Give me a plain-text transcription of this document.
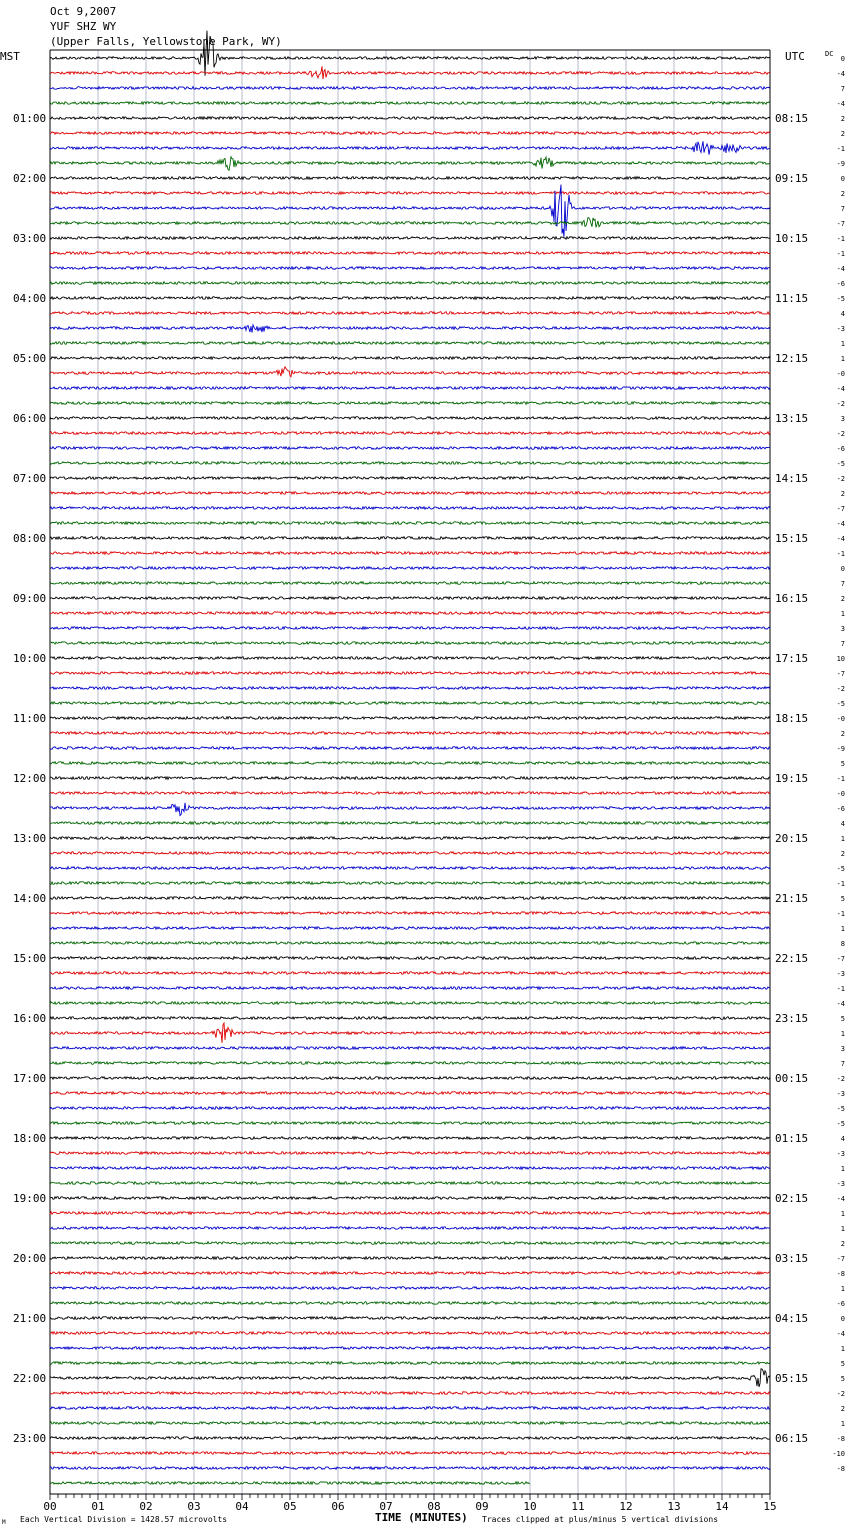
Oct 9,2007
YUF SHZ WY
(Upper Falls, Yellowstone Park, WY)
MST	UTC	DC
01:00
02:00
03:00
04:00
05:00
06:00
07:00
08:00
09:00
10:00
11:00
12:00
13:00
14:00
15:00
16:00
17:00
18:00
19:00
20:00
21:00
22:00
23:00
08:15
09:15
10:15
11:15
12:15
13:15
14:15
15:15
16:15
17:15
18:15
19:15
20:15
21:15
22:15
23:15
00:15
01:15
02:15
03:15
04:15
05:15
06:15
0
-4
7
-4
2
2
-1
-9
0
2
7
-7
-1
-1
-4
-6
-5
4
-3
1
1
-0
-4
-2
3
-2
-6
-5
-2
2
-7
-4
-4
-1
0
7
2
1
3
7
10
-7
-2
-5
-0
2
-9
5
-1
-0
-6
4
1
2
-5
-1
5
-1
1
8
-7
-3
-1
-4
5
1
3
7
-2
-3
-5
-5
4
-3
1
-3
-4
1
1
2
-7
-8
1
-6
0
-4
1
5
5
-2
2
1
-8
-10
-8
00	01	02	03	04	05	06	07	08	09	10	11	12	13	14	15
TIME (MINUTES)
Each Vertical Division = 1428.57 microvolts	Traces clipped at plus/minus 5 vertical divisions
M
